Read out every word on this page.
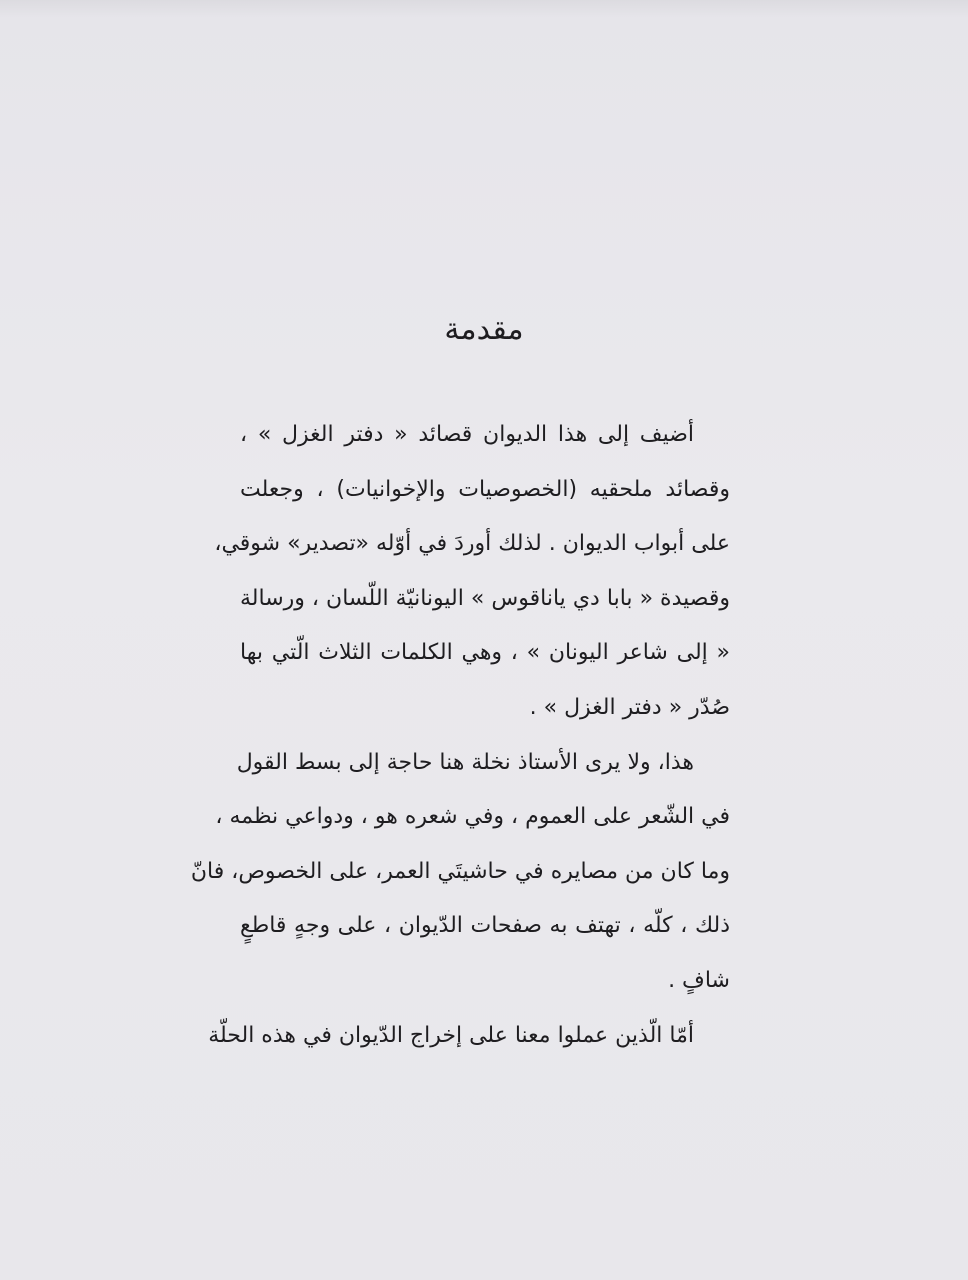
مقدمة
أضيف إلى هذا الديوان قصائد « دفتر الغزل » ،
وقصائد ملحقيه (الخصوصيات والإخوانيات) ، وجعلت
على أبواب الديوان . لذلك أوردَ في أوّله «تصدير» شوقي،
وقصيدة « بابا دي ياناقوس » اليونانيّة اللّسان ، ورسالة
« إلى شاعر اليونان » ، وهي الكلمات الثلاث الّتي بها
صُدّر « دفتر الغزل » .
هذا، ولا يرى الأستاذ نخلة هنا حاجة إلى بسط القول
في الشّعر على العموم ، وفي شعره هو ، ودواعي نظمه ،
وما كان من مصايره في حاشيتَي العمر، على الخصوص، فانّ
ذلك ، كلّه ، تهتف به صفحات الدّيوان ، على وجهٍ قاطعٍ
شافٍ .
أمّا الّذين عملوا معنا على إخراج الدّيوان في هذه الحلّة
